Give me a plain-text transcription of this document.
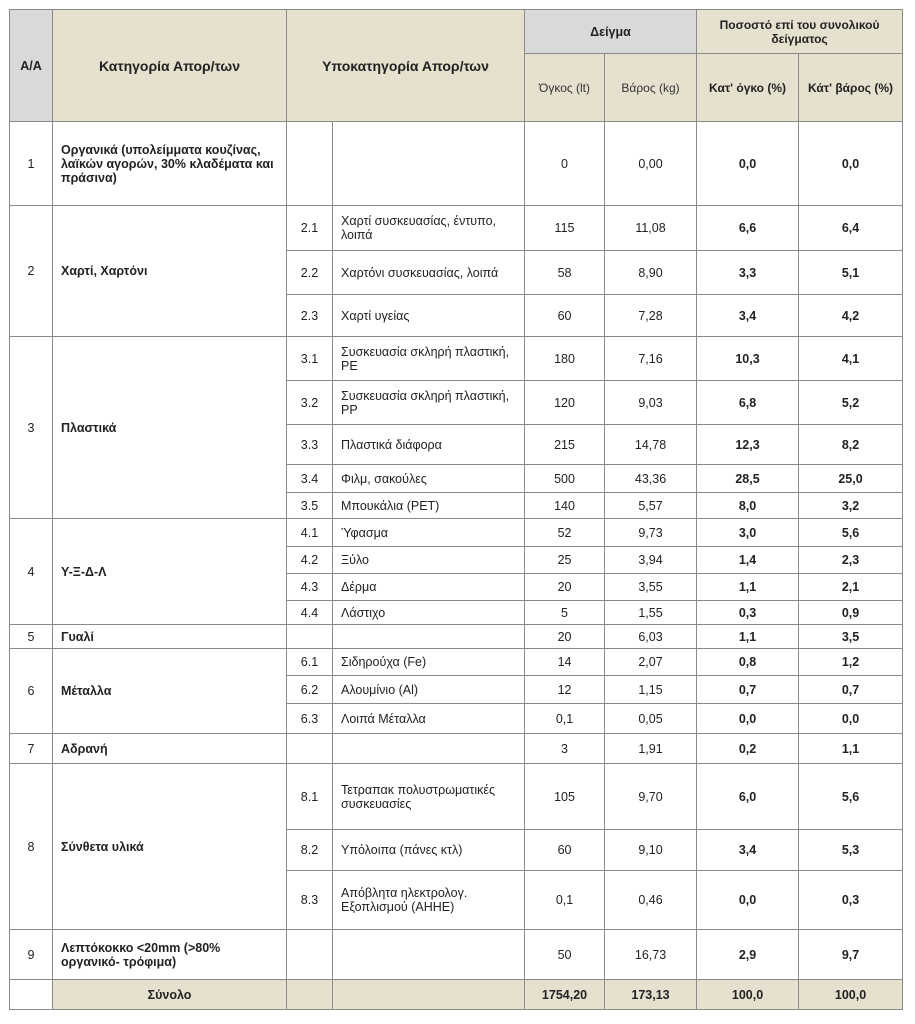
Α/Α	Κατηγορία Απορ/των	Υποκατηγορία Απορ/των		Δείγμα		Ποσοστό επί του συνολικού δείγματος	
				Όγκος (lt)	Βάρος (kg)	Κατ' όγκο (%)	Κάτ' βάρος (%)
1	Οργανικά (υπολείμματα κουζίνας, λαϊκών αγορών, 30% κλαδέματα και πράσινα)			0	0,00	0,0	0,0
2	Χαρτί, Χαρτόνι	2.1	Χαρτί συσκευασίας, έντυπο, λοιπά	115	11,08	6,6	6,4
		2.2	Χαρτόνι συσκευασίας, λοιπά	58	8,90	3,3	5,1
		2.3	Χαρτί υγείας	60	7,28	3,4	4,2
3	Πλαστικά	3.1	Συσκευασία σκληρή πλαστική, PE	180	7,16	10,3	4,1
		3.2	Συσκευασία σκληρή πλαστική, PP	120	9,03	6,8	5,2
		3.3	Πλαστικά διάφορα	215	14,78	12,3	8,2
		3.4	Φιλμ, σακούλες	500	43,36	28,5	25,0
		3.5	Μπουκάλια (PET)	140	5,57	8,0	3,2
4	Υ-Ξ-Δ-Λ	4.1	Ύφασμα	52	9,73	3,0	5,6
		4.2	Ξύλο	25	3,94	1,4	2,3
		4.3	Δέρμα	20	3,55	1,1	2,1
		4.4	Λάστιχο	5	1,55	0,3	0,9
5	Γυαλί			20	6,03	1,1	3,5
6	Μέταλλα	6.1	Σιδηρούχα (Fe)	14	2,07	0,8	1,2
		6.2	Αλουμίνιο (Al)	12	1,15	0,7	0,7
		6.3	Λοιπά Μέταλλα	0,1	0,05	0,0	0,0
7	Αδρανή			3	1,91	0,2	1,1
8	Σύνθετα υλικά	8.1	Τετραπακ πολυστρωματικές συσκευασίες	105	9,70	6,0	5,6
		8.2	Υπόλοιπα (πάνες κτλ)	60	9,10	3,4	5,3
		8.3	Απόβλητα ηλεκτρολογ. Εξοπλισμού (ΑΗΗΕ)	0,1	0,46	0,0	0,3
9	Λεπτόκοκκο <20mm (>80% οργανικό- τρόφιμα)			50	16,73	2,9	9,7
	Σύνολο			1754,20	173,13	100,0	100,0
